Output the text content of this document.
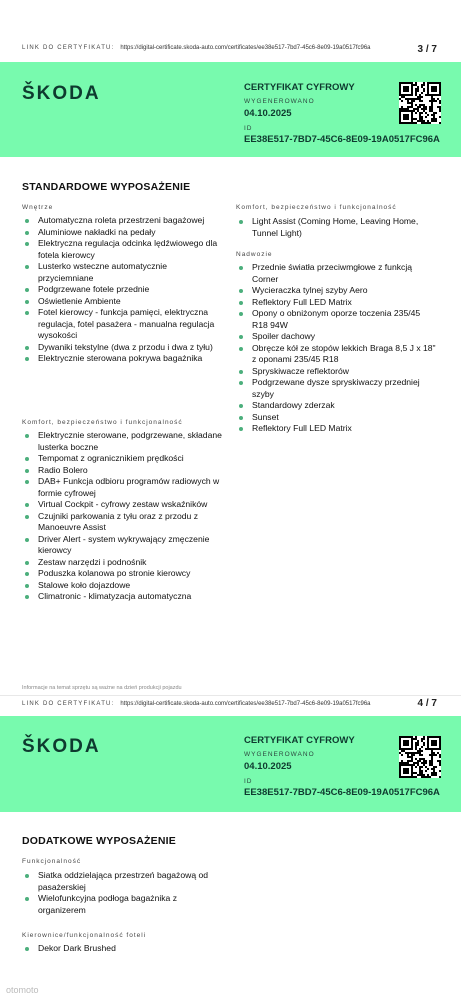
LINK DO CERTYFIKATU: https://digital-certificate.skoda-auto.com/certificates/ee38e517-7bd7-45c6-8e09-19a0517fc96a	3 / 7
ŠKODA	CERTYFIKAT CYFROWY
WYGENEROWANO
04.10.2025
ID
EE38E517-7BD7-45C6-8E09-19A0517FC96A
STANDARDOWE WYPOSAŻENIE
Wnętrze
Automatyczna roleta przestrzeni bagażowej
Aluminiowe nakładki na pedały
Elektryczna regulacja odcinka lędźwiowego dla fotela kierowcy
Lusterko wsteczne automatycznie przyciemniane
Podgrzewane fotele przednie
Oświetlenie Ambiente
Fotel kierowcy - funkcja pamięci, elektryczna regulacja, fotel pasażera - manualna regulacja wysokości
Dywaniki tekstylne (dwa z przodu i dwa z tyłu)
Elektrycznie sterowana pokrywa bagażnika
Komfort, bezpieczeństwo i funkcjonalność
Elektrycznie sterowane, podgrzewane, składane lusterka boczne
Tempomat z ogranicznikiem prędkości
Radio Bolero
DAB+ Funkcja odbioru programów radiowych w formie cyfrowej
Virtual Cockpit - cyfrowy zestaw wskaźników
Czujniki parkowania z tyłu oraz z przodu z Manoeuvre Assist
Driver Alert - system wykrywający zmęczenie kierowcy
Zestaw narzędzi i podnośnik
Poduszka kolanowa po stronie kierowcy
Stalowe koło dojazdowe
Climatronic - klimatyzacja automatyczna
Komfort, bezpieczeństwo i funkcjonalność
Light Assist (Coming Home, Leaving Home, Tunnel Light)
Nadwozie
Przednie światła przeciwmgłowe z funkcją Corner
Wycieraczka tylnej szyby Aero
Reflektory Full LED Matrix
Opony o obniżonym oporze toczenia 235/45 R18 94W
Spoiler dachowy
Obręcze kół ze stopów lekkich Braga 8,5 J x 18" z oponami 235/45 R18
Spryskiwacze reflektorów
Podgrzewane dysze spryskiwaczy przedniej szyby
Standardowy zderzak
Sunset
Reflektory Full LED Matrix
Informacje na temat sprzętu są ważne na dzień produkcji pojazdu
LINK DO CERTYFIKATU: https://digital-certificate.skoda-auto.com/certificates/ee38e517-7bd7-45c6-8e09-19a0517fc96a	4 / 7
ŠKODA	CERTYFIKAT CYFROWY
WYGENEROWANO
04.10.2025
ID
EE38E517-7BD7-45C6-8E09-19A0517FC96A
DODATKOWE WYPOSAŻENIE
Funkcjonalność
Siatka oddzielająca przestrzeń bagażową od pasażerskiej
Wielofunkcyjna podłoga bagażnika z organizerem
Kierownice/funkcjonalność foteli
Dekor Dark Brushed
otomoto
